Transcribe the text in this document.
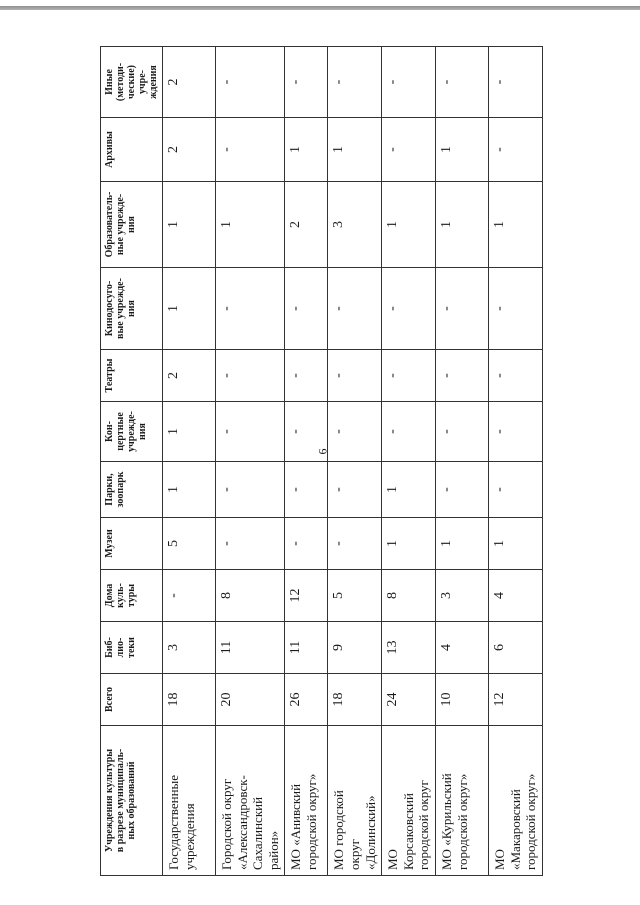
6
Учреждения культуры
в разрезе муниципаль-
ных образований	Всего	Биб-
лио-
теки	Дома
куль-
туры	Музеи	Парки,
зоопарк	Кон-
цертные
учрежде-
ния	Театры	Кинодосуго-
вые учрежде-
ния	Образователь-
ные учрежде-
ния	Архивы	Иные (методи-
ческие) учре-
ждения
Государственные
учреждения	18	3	-	5	1	1	2	1	1	2	2
Городской округ
«Александровск-
Сахалинский
район»	20	11	8	-	-	-	-	-	1	-	-
МО «Анивский
городской округ»	26	11	12	-	-	-	-	-	2	1	-
МО городской
округ
«Долинский»	18	9	5	-	-	-	-	-	3	1	-
МО
Корсаковский
городской округ	24	13	8	1	1	-	-	-	1	-	-
МО «Курильский
городской округ»	10	4	3	1	-	-	-	-	1	1	-
МО
«Макаровский
городской округ»	12	6	4	1	-	-	-	-	1	-	-
